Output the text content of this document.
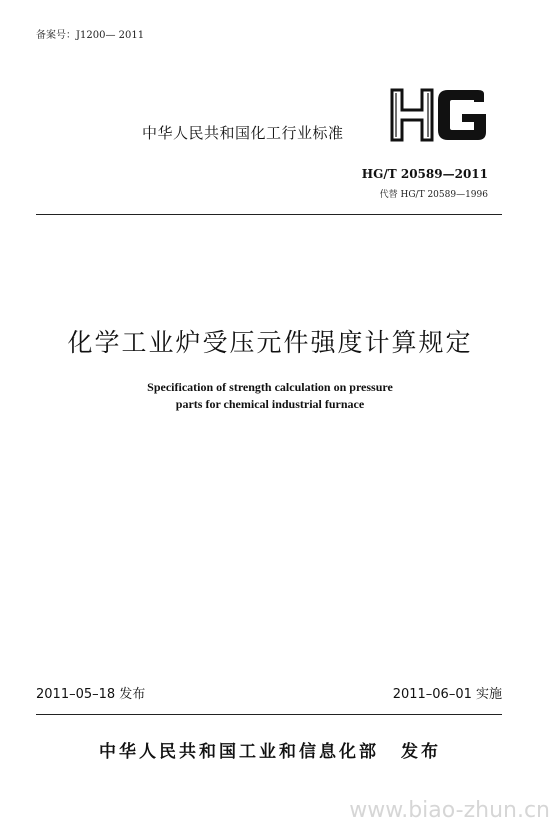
备案号：J1200— 2011
中华人民共和国化工行业标准
HG/T 20589—2011
代替 HG/T 20589—1996
化学工业炉受压元件强度计算规定
Specification of strength calculation on pressure
parts for chemical industrial furnace
2011–05–18 发布	2011–06–01 实施
中华人民共和国工业和信息化部 发布
www.biao-zhun.cn
